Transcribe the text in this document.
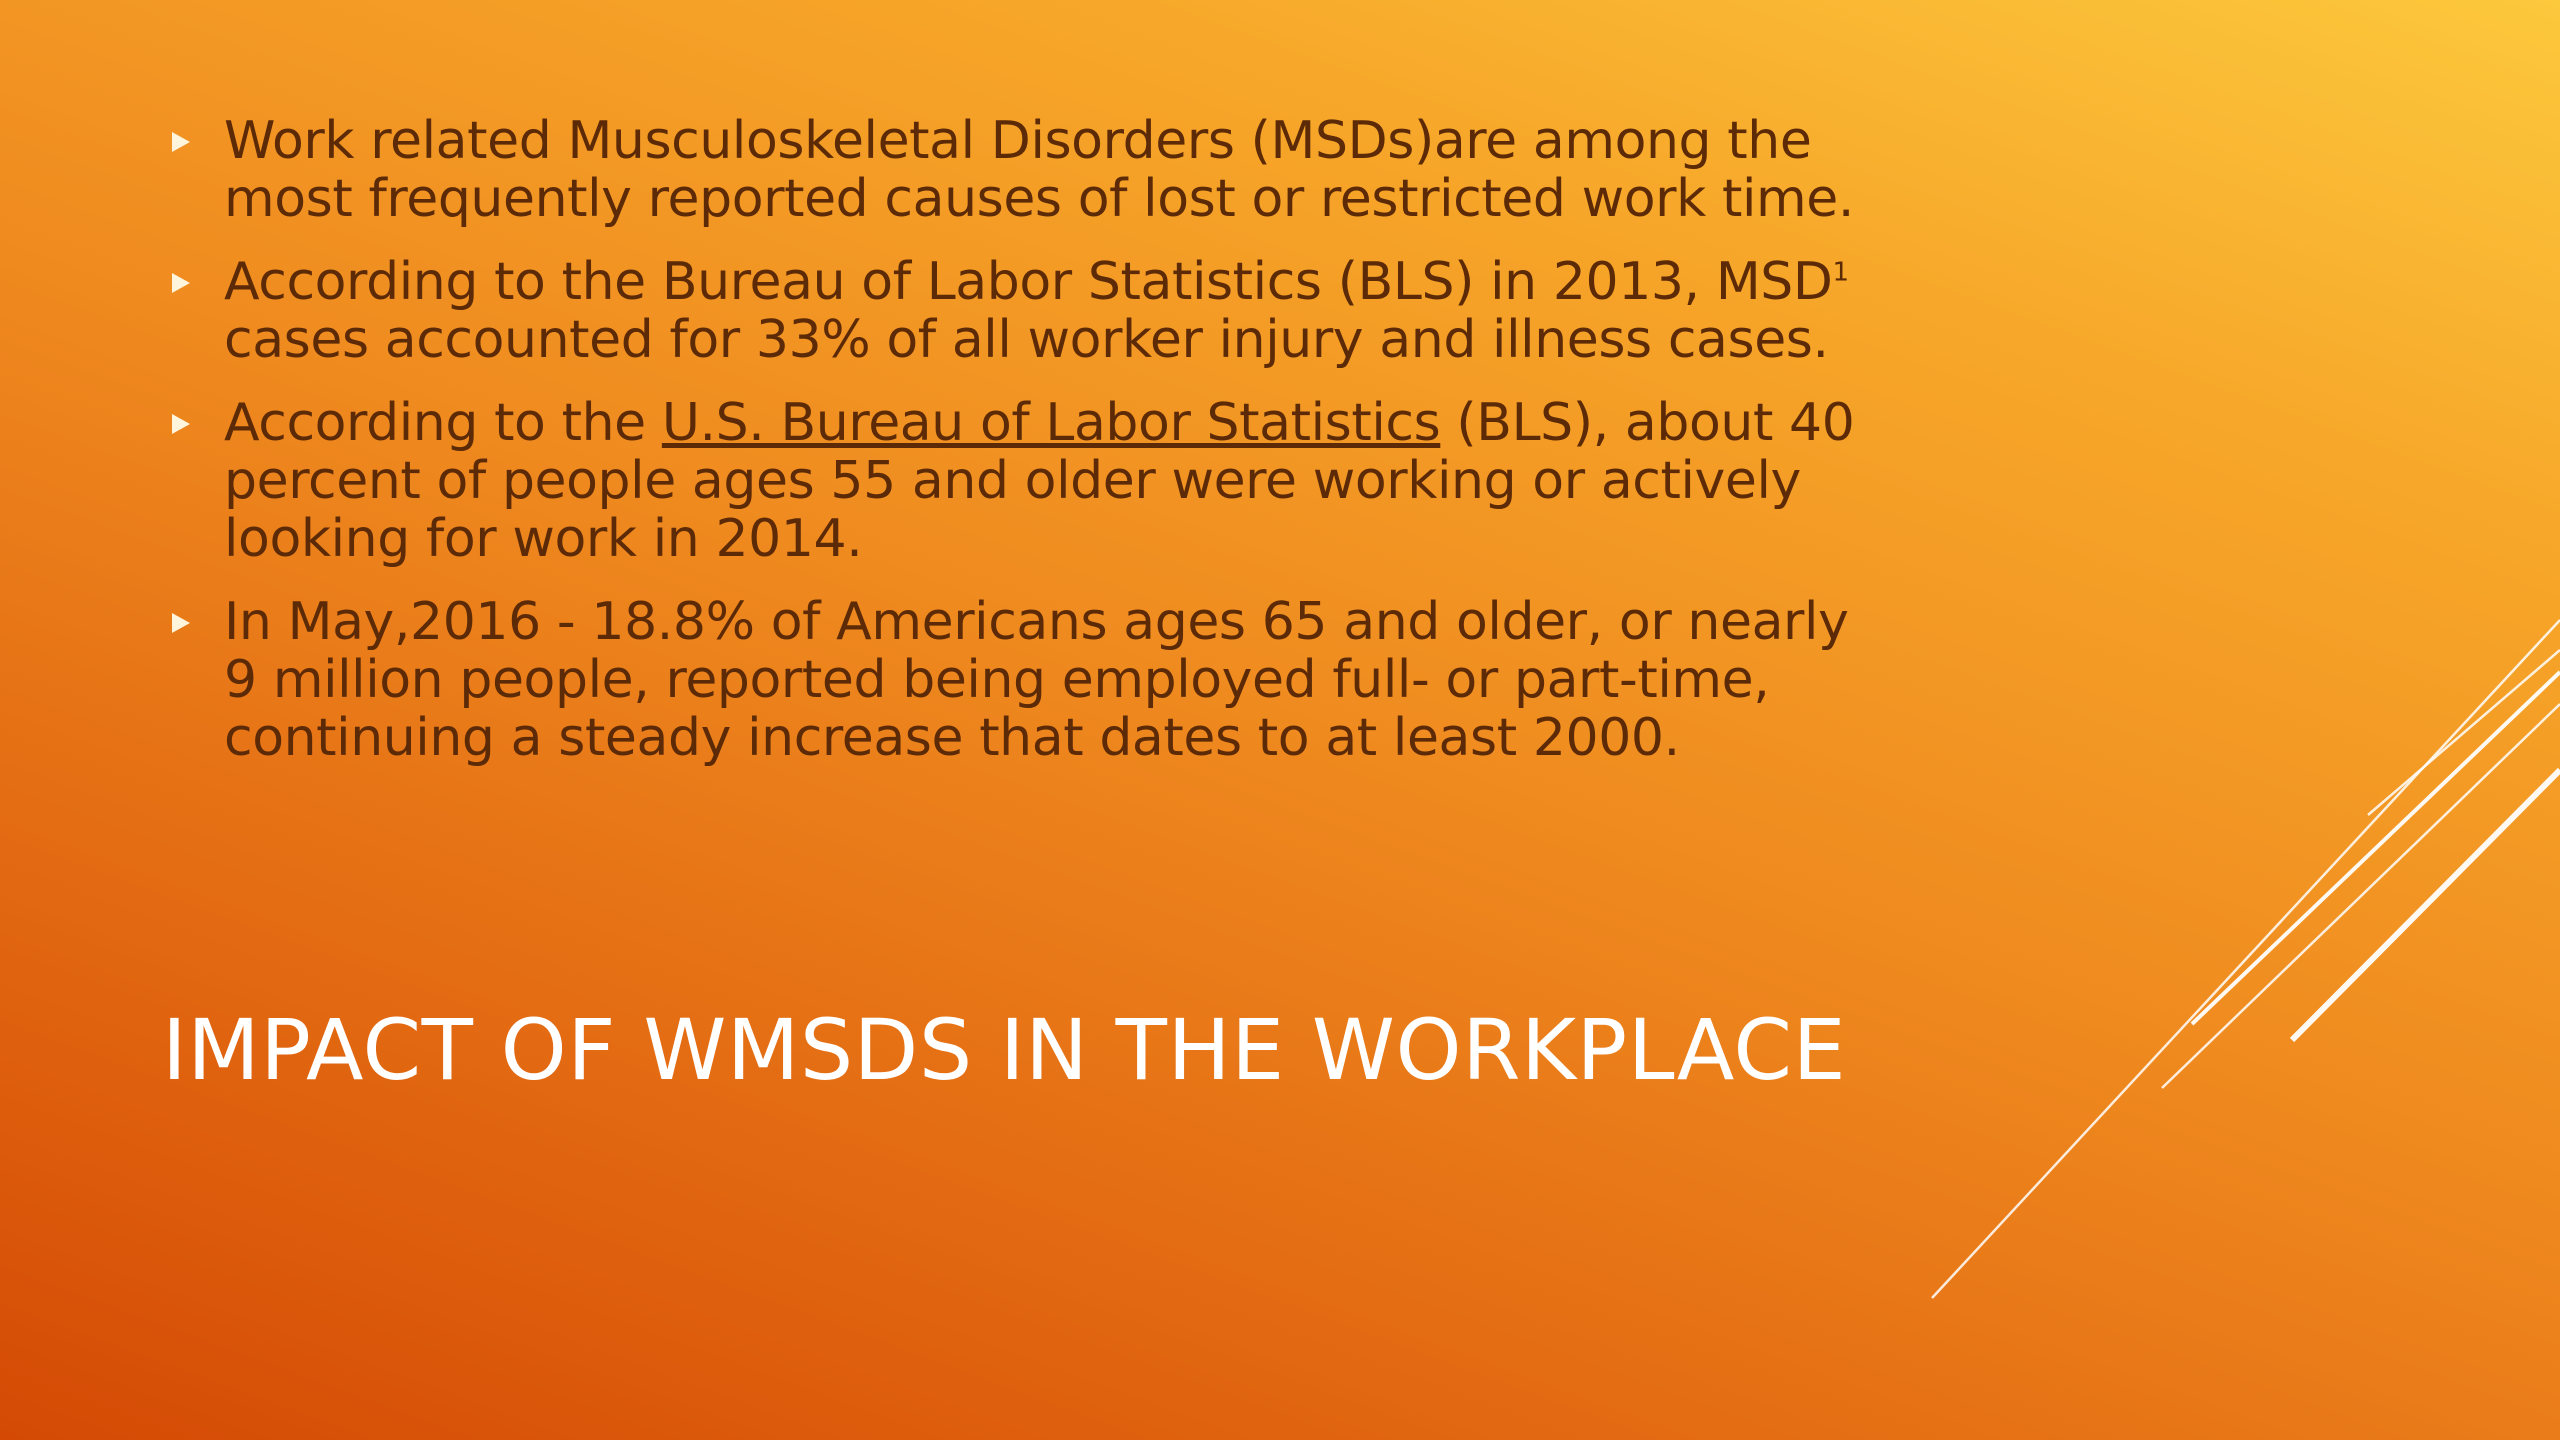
Work related Musculoskeletal Disorders (MSDs)are among the most frequently reported causes of lost or restricted work time.
According to the Bureau of Labor Statistics (BLS) in 2013, MSD$^1$ cases accounted for 33% of all worker injury and illness cases.
According to the U.S. Bureau of Labor Statistics (BLS), about 40 percent of people ages 55 and older were working or actively looking for work in 2014.
In May,2016 - 18.8% of Americans ages 65 and older, or nearly 9 million people, reported being employed full- or part-time, continuing a steady increase that dates to at least 2000.
IMPACT OF WMSDS IN THE WORKPLACE
